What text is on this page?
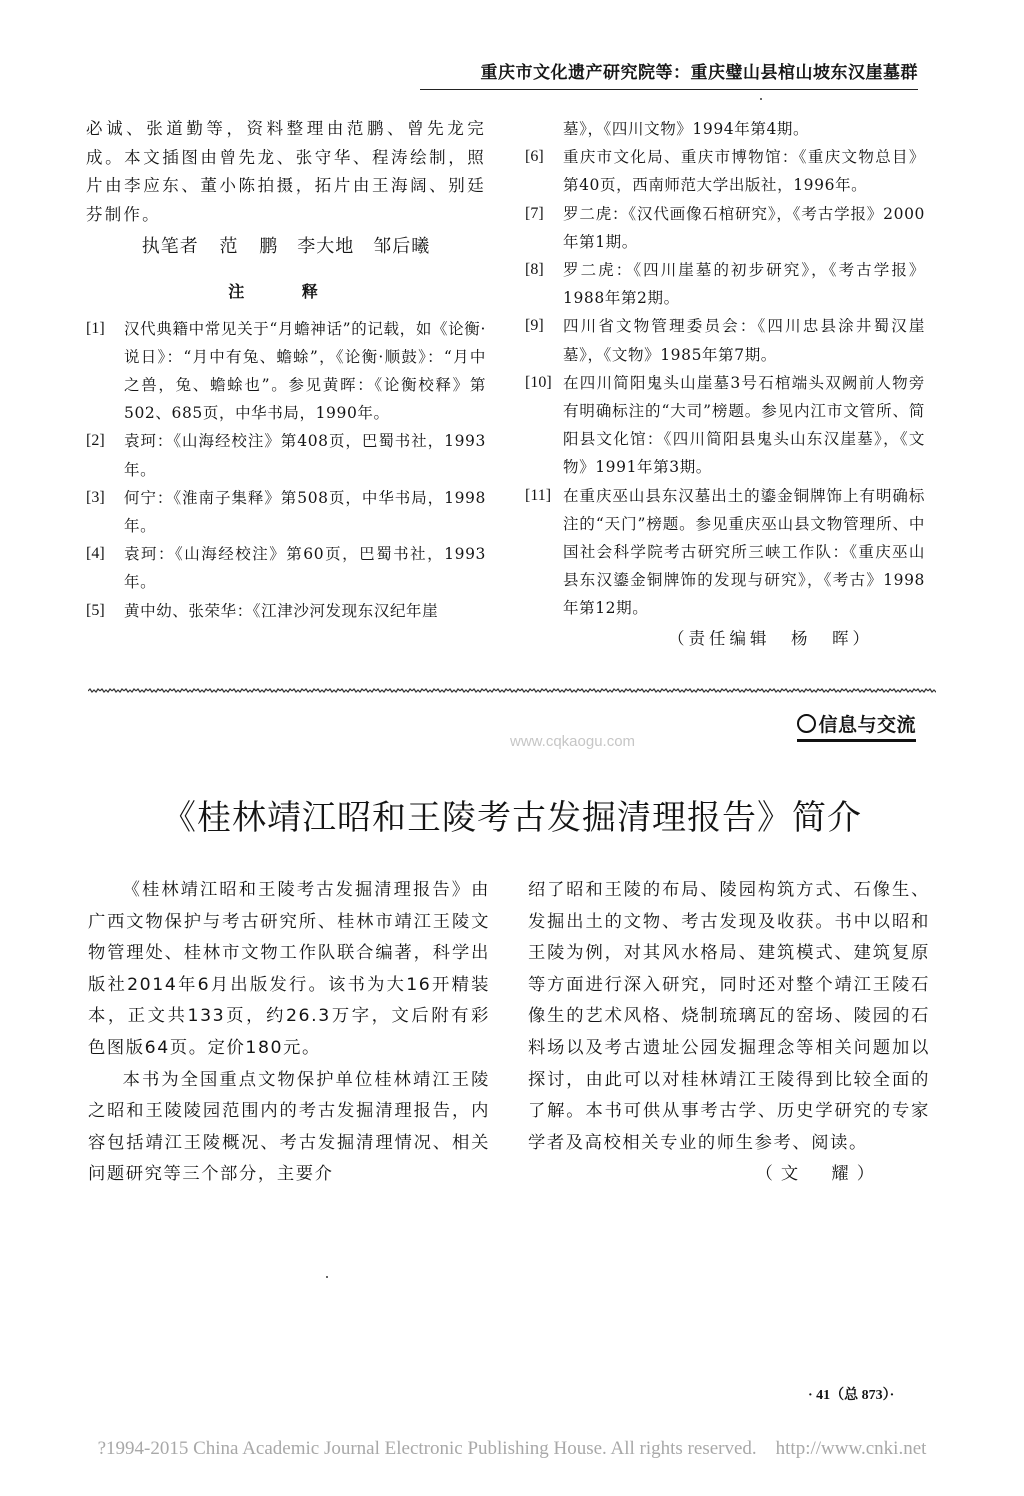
重庆市文化遗产研究院等：重庆璧山县棺山坡东汉崖墓群
必诚、张道勤等，资料整理由范鹏、曾先龙完成。本文插图由曾先龙、张守华、程涛绘制，照片由李应东、董小陈拍摄，拓片由王海阔、别廷芬制作。
执笔者 范 鹏　李大地　邹后曦
注 释
[1]	汉代典籍中常见关于“月蟾神话”的记载，如《论衡·说日》：“月中有兔、蟾蜍”，《论衡·顺鼓》：“月中之兽，兔、蟾蜍也”。参见黄晖：《论衡校释》第502、685页，中华书局，1990年。
[2]	袁珂：《山海经校注》第408页，巴蜀书社，1993年。
[3]	何宁：《淮南子集释》第508页，中华书局，1998年。
[4]	袁珂：《山海经校注》第60页，巴蜀书社，1993年。
[5]	黄中幼、张荣华：《江津沙河发现东汉纪年崖
墓》，《四川文物》1994年第4期。
[6]	重庆市文化局、重庆市博物馆：《重庆文物总目》第40页，西南师范大学出版社，1996年。
[7]	罗二虎：《汉代画像石棺研究》，《考古学报》2000年第1期。
[8]	罗二虎：《四川崖墓的初步研究》，《考古学报》1988年第2期。
[9]	四川省文物管理委员会：《四川忠县涂井蜀汉崖墓》，《文物》1985年第7期。
[10] 在四川简阳鬼头山崖墓3号石棺端头双阙前人物旁有明确标注的“大司”榜题。参见内江市文管所、简阳县文化馆：《四川简阳县鬼头山东汉崖墓》，《文物》1991年第3期。
[11] 在重庆巫山县东汉墓出土的鎏金铜牌饰上有明确标注的“天门”榜题。参见重庆巫山县文物管理所、中国社会科学院考古研究所三峡工作队：《重庆巫山县东汉鎏金铜牌饰的发现与研究》，《考古》1998年第12期。
（责任编辑　杨　晖）
信息与交流
www.cqkaogu.com
《桂林靖江昭和王陵考古发掘清理报告》简介
《桂林靖江昭和王陵考古发掘清理报告》由广西文物保护与考古研究所、桂林市靖江王陵文物管理处、桂林市文物工作队联合编著，科学出版社2014年6月出版发行。该书为大16开精装本，正文共133页，约26.3万字，文后附有彩色图版64页。定价180元。
本书为全国重点文物保护单位桂林靖江王陵之昭和王陵陵园范围内的考古发掘清理报告，内容包括靖江王陵概况、考古发掘清理情况、相关问题研究等三个部分，主要介
绍了昭和王陵的布局、陵园构筑方式、石像生、发掘出土的文物、考古发现及收获。书中以昭和王陵为例，对其风水格局、建筑模式、建筑复原等方面进行深入研究，同时还对整个靖江王陵石像生的艺术风格、烧制琉璃瓦的窑场、陵园的石料场以及考古遗址公园发掘理念等相关问题加以探讨，由此可以对桂林靖江王陵得到比较全面的了解。本书可供从事考古学、历史学研究的专家学者及高校相关专业的师生参考、阅读。
（文　耀）
· 41（总 873）·
?1994-2015 China Academic Journal Electronic Publishing House. All rights reserved.    http://www.cnki.net
